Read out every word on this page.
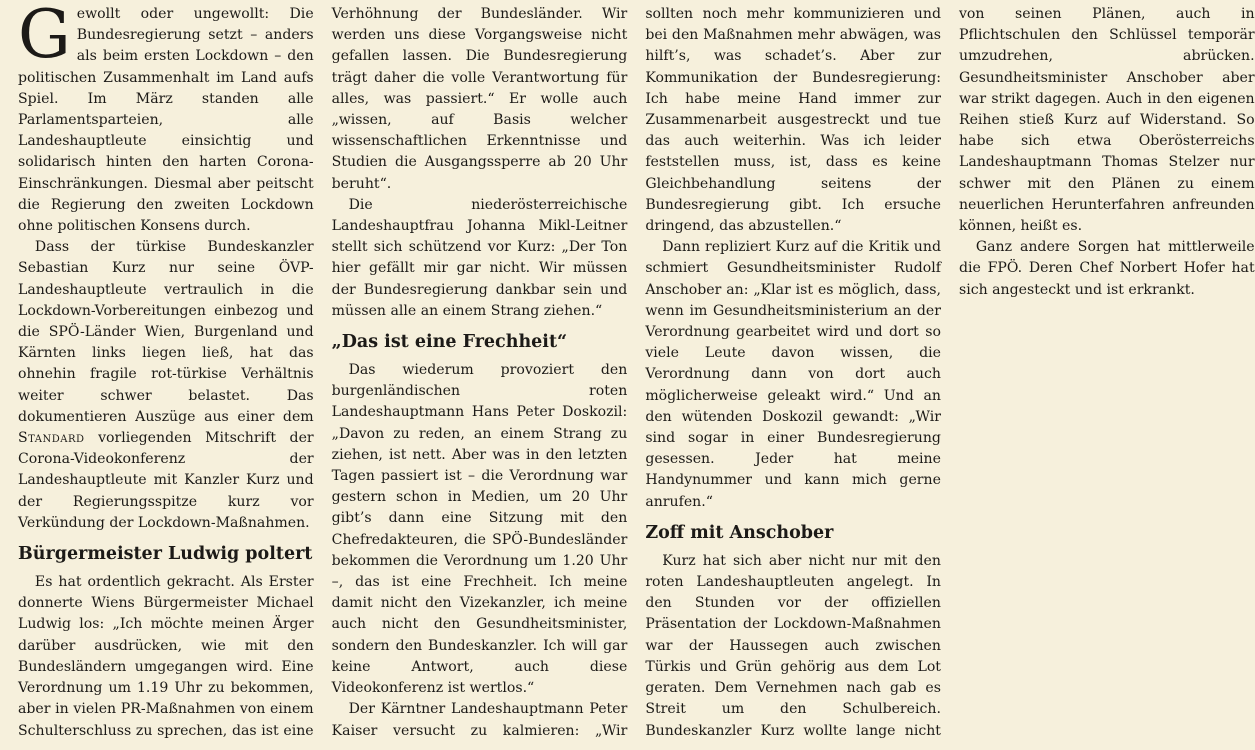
Gewollt oder ungewollt: Die Bundesregierung setzt – anders als beim ersten Lockdown – den politischen Zusammenhalt im Land aufs Spiel. Im März standen alle Parlamentsparteien, alle Landeshauptleute einsichtig und solidarisch hinten den harten Corona-Einschränkungen. Diesmal aber peitscht die Regierung den zweiten Lockdown ohne politischen Konsens durch.

Dass der türkise Bundeskanzler Sebastian Kurz nur seine ÖVP-Landeshauptleute vertraulich in die Lockdown-Vorbereitungen einbezog und die SPÖ-Länder Wien, Burgenland und Kärnten links liegen ließ, hat das ohnehin fragile rot-türkise Verhältnis weiter schwer belastet. Das dokumentieren Auszüge aus einer dem Standard vorliegenden Mitschrift der Corona-Videokonferenz der Landeshauptleute mit Kanzler Kurz und der Regierungsspitze kurz vor Verkündung der Lockdown-Maßnahmen.

Bürgermeister Ludwig poltert

Es hat ordentlich gekracht. Als Erster donnerte Wiens Bürgermeister Michael Ludwig los: „Ich möchte meinen Ärger darüber ausdrücken, wie mit den Bundesländern umgegangen wird. Eine Verordnung um 1.19 Uhr zu bekommen, aber in vielen PR-Maßnahmen von einem Schulterschluss zu sprechen, das ist eine Verhöhnung der Bundesländer. Wir werden uns diese Vorgangsweise nicht gefallen lassen. Die Bundesregierung trägt daher die volle Verantwortung für alles, was passiert.“ Er wolle auch „wissen, auf Basis welcher wissenschaftlichen Erkenntnisse und Studien die Ausgangssperre ab 20 Uhr beruht“.

Die niederösterreichische Landeshauptfrau Johanna Mikl-Leitner stellt sich schützend vor Kurz: „Der Ton hier gefällt mir gar nicht. Wir müssen der Bundesregierung dankbar sein und müssen alle an einem Strang ziehen.“

„Das ist eine Frechheit“

Das wiederum provoziert den burgenländischen roten Landeshauptmann Hans Peter Doskozil: „Davon zu reden, an einem Strang zu ziehen, ist nett. Aber was in den letzten Tagen passiert ist – die Verordnung war gestern schon in Medien, um 20 Uhr gibt’s dann eine Sitzung mit den Chefredakteuren, die SPÖ-Bundesländer bekommen die Verordnung um 1.20 Uhr –, das ist eine Frechheit. Ich meine damit nicht den Vizekanzler, ich meine auch nicht den Gesundheitsminister, sondern den Bundeskanzler. Ich will gar keine Antwort, auch diese Videokonferenz ist wertlos.“

Der Kärntner Landeshauptmann Peter Kaiser versucht zu kalmieren: „Wir sollten noch mehr kommunizieren und bei den Maßnahmen mehr abwägen, was hilft’s, was schadet’s. Aber zur Kommunikation der Bundesregierung: Ich habe meine Hand immer zur Zusammenarbeit ausgestreckt und tue das auch weiterhin. Was ich leider feststellen muss, ist, dass es keine Gleichbehandlung seitens der Bundesregierung gibt. Ich ersuche dringend, das abzustellen.“

Dann repliziert Kurz auf die Kritik und schmiert Gesundheitsminister Rudolf Anschober an: „Klar ist es möglich, dass, wenn im Gesundheitsministerium an der Verordnung gearbeitet wird und dort so viele Leute davon wissen, die Verordnung dann von dort auch möglicherweise geleakt wird.“ Und an den wütenden Doskozil gewandt: „Wir sind sogar in einer Bundesregierung gesessen. Jeder hat meine Handynummer und kann mich gerne anrufen.“

Zoff mit Anschober

Kurz hat sich aber nicht nur mit den roten Landeshauptleuten angelegt. In den Stunden vor der offiziellen Präsentation der Lockdown-Maßnahmen war der Haussegen auch zwischen Türkis und Grün gehörig aus dem Lot geraten. Dem Vernehmen nach gab es Streit um den Schulbereich. Bundeskanzler Kurz wollte lange nicht von seinen Plänen, auch in Pflichtschulen den Schlüssel temporär umzudrehen, abrücken. Gesundheitsminister Anschober aber war strikt dagegen. Auch in den eigenen Reihen stieß Kurz auf Widerstand. So habe sich etwa Oberösterreichs Landeshauptmann Thomas Stelzer nur schwer mit den Plänen zu einem neuerlichen Herunterfahren anfreunden können, heißt es.

Ganz andere Sorgen hat mittlerweile die FPÖ. Deren Chef Norbert Hofer hat sich angesteckt und ist erkrankt.
